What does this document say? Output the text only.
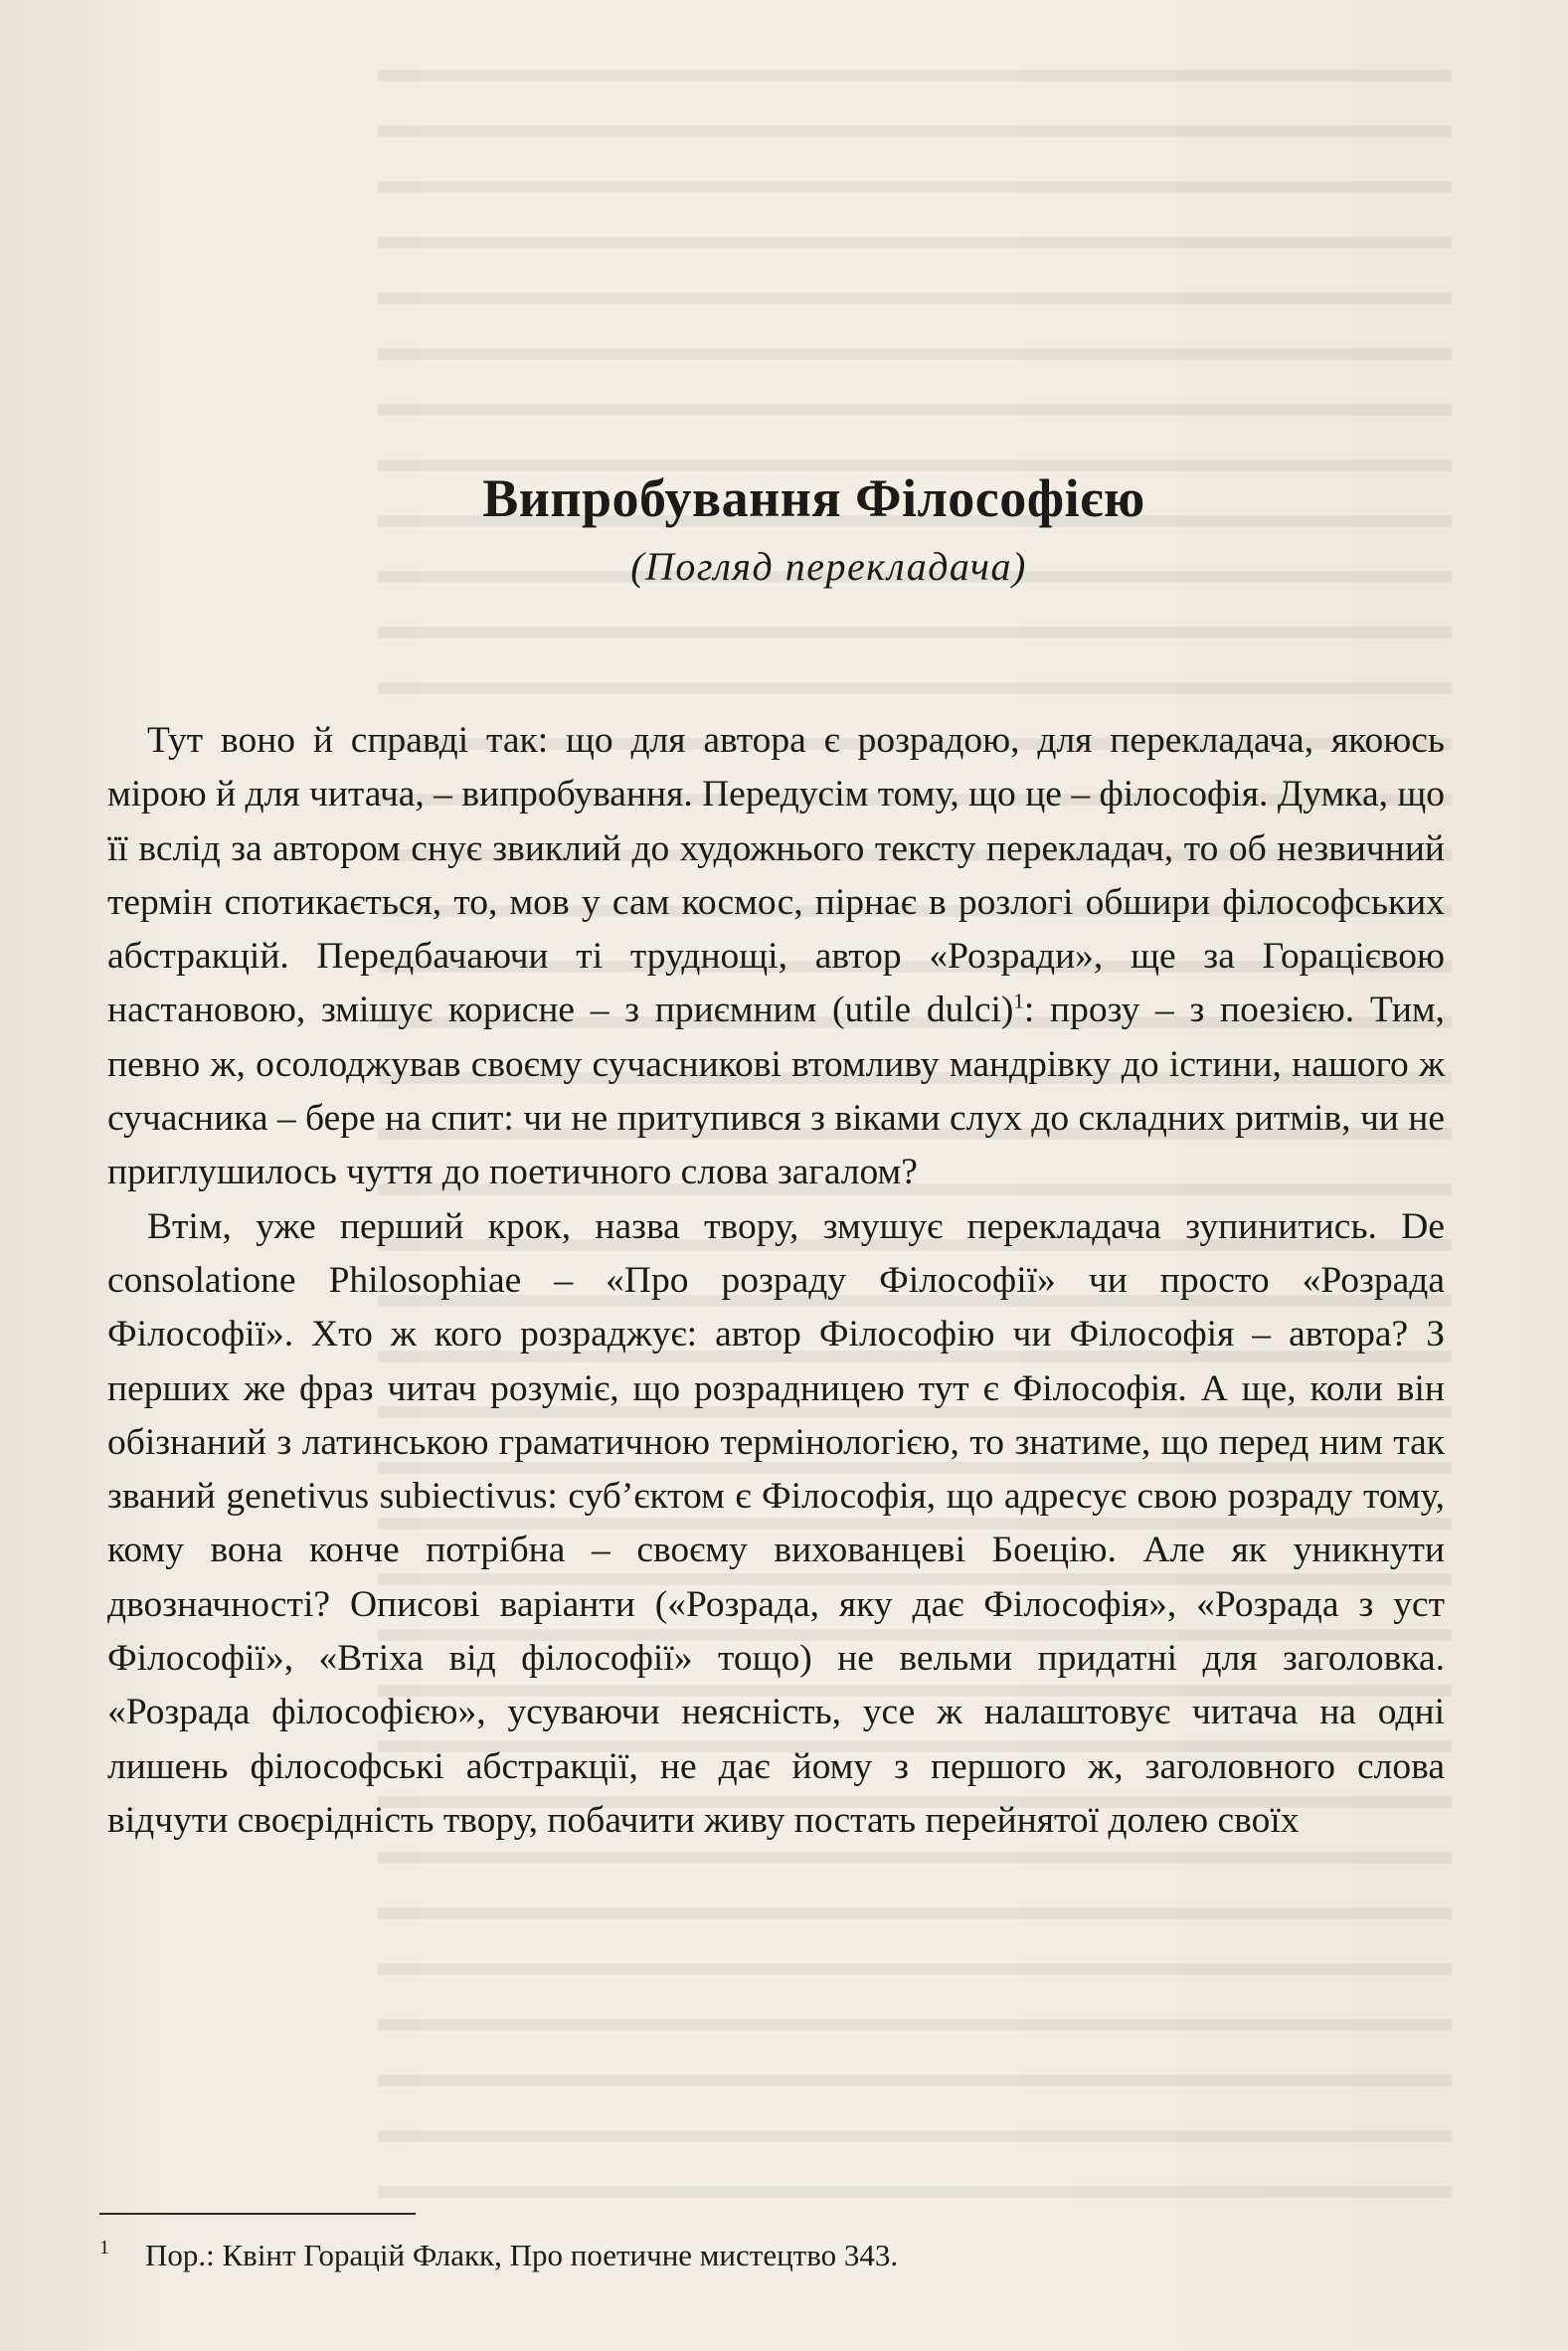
Випробування Філософією
(Погляд перекладача)

Тут воно й справді так: що для автора є розрадою, для перекладача, якоюсь мірою й для читача, – випробування. Передусім тому, що це – філософія. Думка, що її вслід за автором снує звиклий до художнього тексту перекладач, то об незвичний термін спотикається, то, мов у сам космос, пірнає в розлогі обшири філософських абстракцій. Передбачаючи ті труднощі, автор «Розради», ще за Горацієвою настановою, змішує корисне – з приємним (utile dulci)$^1$: прозу – з поезією. Тим, певно ж, осолоджував своєму сучасникові втомливу мандрівку до істини, нашого ж сучасника – бере на спит: чи не притупився з віками слух до складних ритмів, чи не приглушилось чуття до поетичного слова загалом?

Втім, уже перший крок, назва твору, змушує перекладача зупинитись. De consolatione Philosophiae – «Про розраду Філософії» чи просто «Розрада Філософії». Хто ж кого розраджує: автор Філософію чи Філософія – автора? З перших же фраз читач розуміє, що розрадницею тут є Філософія. А ще, коли він обізнаний з латинською граматичною термінологією, то знатиме, що перед ним так званий genetivus subiectivus: суб’єктом є Філософія, що адресує свою розраду тому, кому вона конче потрібна – своєму вихованцеві Боецію. Але як уникнути двозначності? Описові варіанти («Розрада, яку дає Філософія», «Розрада з уст Філософії», «Втіха від філософії» тощо) не вельми придатні для заголовка. «Розрада філософією», усуваючи неясність, усе ж налаштовує читача на одні лишень філософські абстракції, не дає йому з першого ж, заголовного слова відчути своєрідність твору, побачити живу постать перейнятої долею своїх

1 Пор.: Квінт Горацій Флакк, Про поетичне мистецтво 343.
